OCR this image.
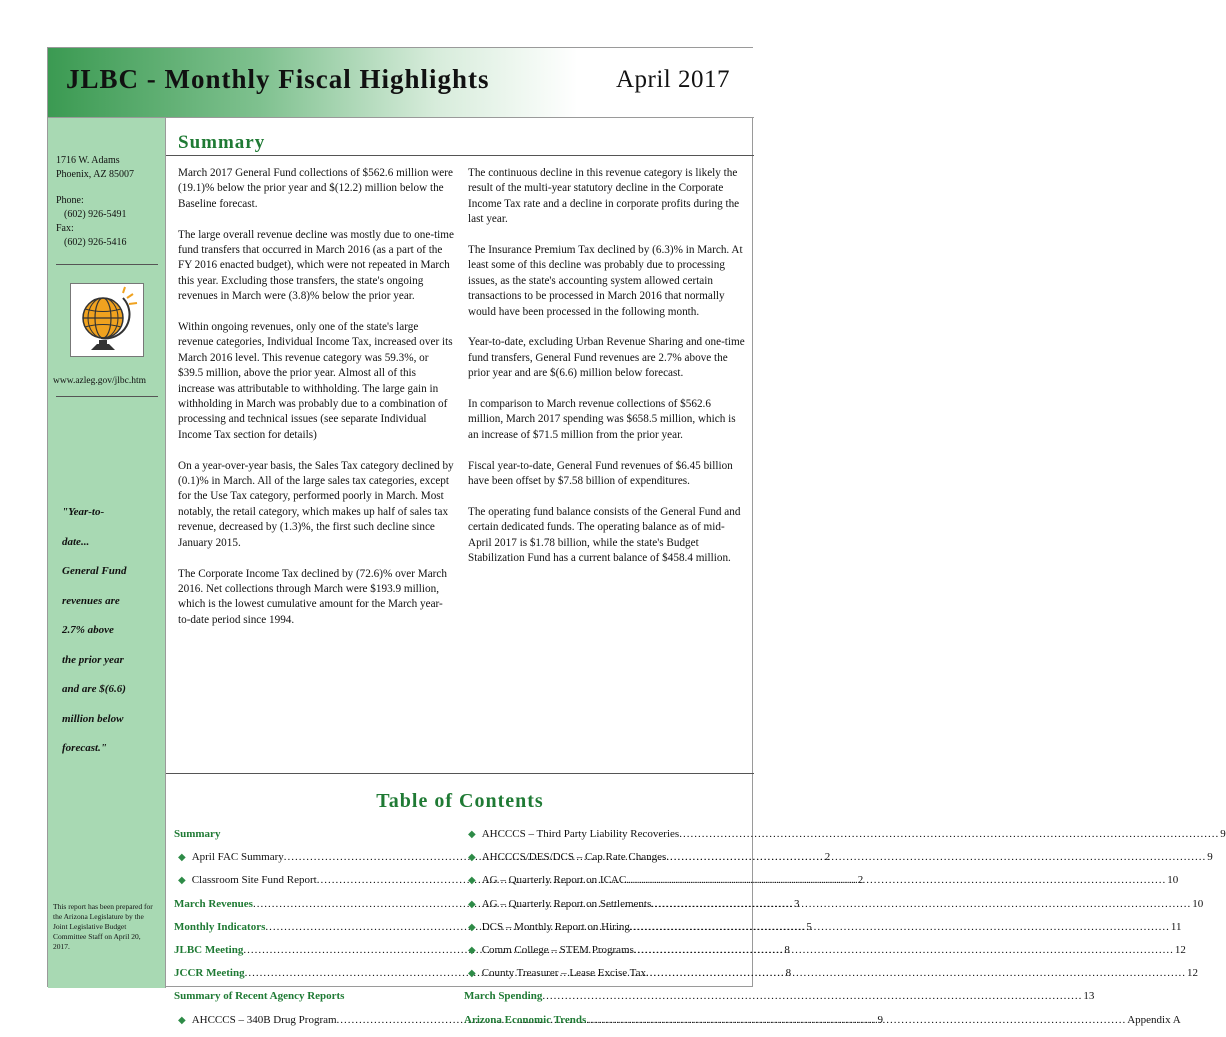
JLBC - Monthly Fiscal Highlights	April 2017
1716 W. Adams
Phoenix, AZ 85007
Phone:
(602) 926-5491
Fax:
(602) 926-5416
www.azleg.gov/jlbc.htm
"Year-to-
date...
General Fund
revenues are
2.7% above
the prior year
and are $(6.6)
million below
forecast."
This report has been prepared for the Arizona Legislature by the Joint Legislative Budget Committee Staff on April 20, 2017.
Summary

March 2017 General Fund collections of $562.6 million were (19.1)% below the prior year and $(12.2) million below the Baseline forecast.

The large overall revenue decline was mostly due to one-time fund transfers that occurred in March 2016 (as a part of the FY 2016 enacted budget), which were not repeated in March this year. Excluding those transfers, the state's ongoing revenues in March were (3.8)% below the prior year.

Within ongoing revenues, only one of the state's large revenue categories, Individual Income Tax, increased over its March 2016 level. This revenue category was 59.3%, or $39.5 million, above the prior year. Almost all of this increase was attributable to withholding. The large gain in withholding in March was probably due to a combination of processing and technical issues (see separate Individual Income Tax section for details)

On a year-over-year basis, the Sales Tax category declined by (0.1)% in March. All of the large sales tax categories, except for the Use Tax category, performed poorly in March. Most notably, the retail category, which makes up half of sales tax revenue, decreased by (1.3)%, the first such decline since January 2015.

The Corporate Income Tax declined by (72.6)% over March 2016. Net collections through March were $193.9 million, which is the lowest cumulative amount for the March year-to-date period since 1994.

The continuous decline in this revenue category is likely the result of the multi-year statutory decline in the Corporate Income Tax rate and a decline in corporate profits during the last year.

The Insurance Premium Tax declined by (6.3)% in March. At least some of this decline was probably due to processing issues, as the state's accounting system allowed certain transactions to be processed in March 2016 that normally would have been processed in the following month.

Year-to-date, excluding Urban Revenue Sharing and one-time fund transfers, General Fund revenues are 2.7% above the prior year and are $(6.6) million below forecast.

In comparison to March revenue collections of $562.6 million, March 2017 spending was $658.5 million, which is an increase of $71.5 million from the prior year.

Fiscal year-to-date, General Fund revenues of $6.45 billion have been offset by $7.58 billion of expenditures.

The operating fund balance consists of the General Fund and certain dedicated funds. The operating balance as of mid-April 2017 is $1.78 billion, while the state's Budget Stabilization Fund has a current balance of $458.4 million.

Table of Contents
Summary
◆ April FAC Summary .....	2
◆ Classroom Site Fund Report .....	2
March Revenues .....	3
Monthly Indicators .....	5
JLBC Meeting .....	8
JCCR Meeting .....	8
Summary of Recent Agency Reports
◆ AHCCCS – 340B Drug Program .....	9
◆ AHCCCS – Third Party Liability Recoveries .....	9
◆ AHCCCS/DES/DCS – Cap Rate Changes .....	9
◆ AG – Quarterly Report on ICAC .....	10
◆ AG – Quarterly Report on Settlements .....	10
◆ DCS – Monthly Report on Hiring .....	11
◆ Comm College – STEM Programs .....	12
◆ County Treasurer – Lease Excise Tax .....	12
March Spending .....	13
Arizona Economic Trends .....	Appendix A
